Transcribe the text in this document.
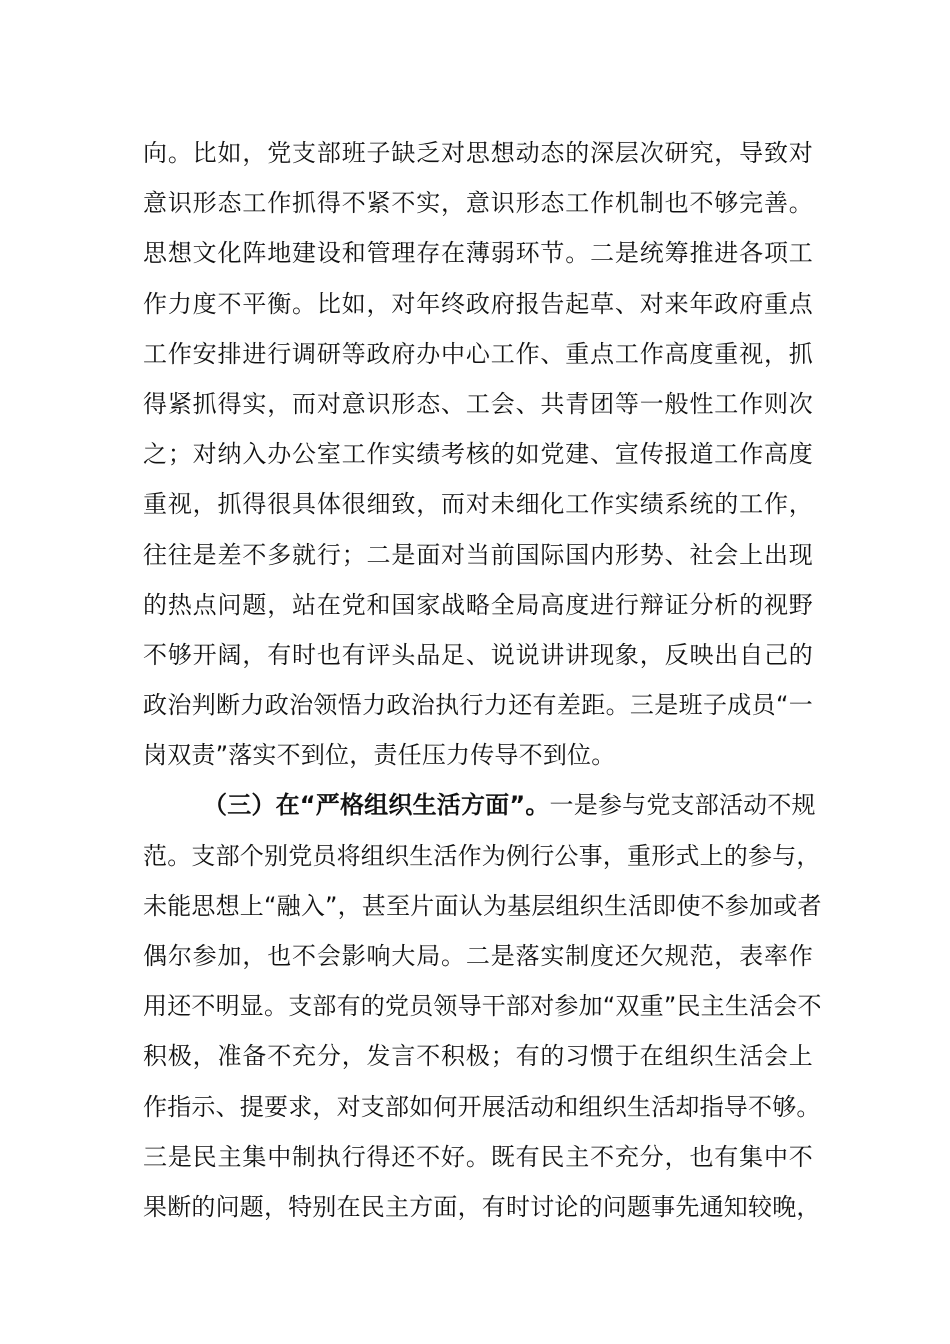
向。比如，党支部班子缺乏对思想动态的深层次研究，导致对
意识形态工作抓得不紧不实，意识形态工作机制也不够完善。
思想文化阵地建设和管理存在薄弱环节。二是统筹推进各项工
作力度不平衡。比如，对年终政府报告起草、对来年政府重点
工作安排进行调研等政府办中心工作、重点工作高度重视，抓
得紧抓得实，而对意识形态、工会、共青团等一般性工作则次
之；对纳入办公室工作实绩考核的如党建、宣传报道工作高度
重视，抓得很具体很细致，而对未细化工作实绩系统的工作，
往往是差不多就行；二是面对当前国际国内形势、社会上出现
的热点问题，站在党和国家战略全局高度进行辩证分析的视野
不够开阔，有时也有评头品足、说说讲讲现象，反映出自己的
政治判断力政治领悟力政治执行力还有差距。三是班子成员“一
岗双责”落实不到位，责任压力传导不到位。
（三）在“严格组织生活方面”。一是参与党支部活动不规
范。支部个别党员将组织生活作为例行公事，重形式上的参与，
未能思想上“融入”，甚至片面认为基层组织生活即使不参加或者
偶尔参加，也不会影响大局。二是落实制度还欠规范，表率作
用还不明显。支部有的党员领导干部对参加“双重”民主生活会不
积极，准备不充分，发言不积极；有的习惯于在组织生活会上
作指示、提要求，对支部如何开展活动和组织生活却指导不够。
三是民主集中制执行得还不好。既有民主不充分，也有集中不
果断的问题，特别在民主方面，有时讨论的问题事先通知较晚，
